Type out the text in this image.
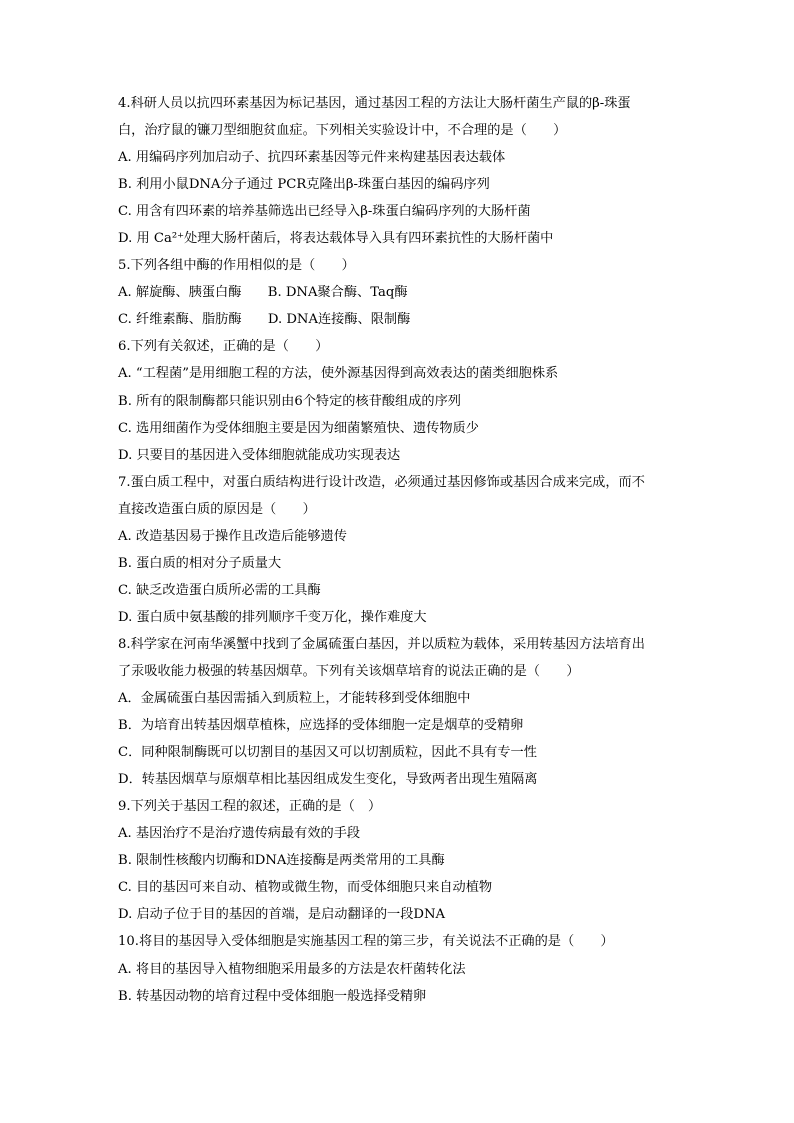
4.科研人员以抗四环素基因为标记基因，通过基因工程的方法让大肠杆菌生产鼠的β-珠蛋
白，治疗鼠的镰刀型细胞贫血症。下列相关实验设计中，不合理的是（　　）
A. 用编码序列加启动子、抗四环素基因等元件来构建基因表达载体
B. 利用小鼠DNA分子通过 PCR克隆出β-珠蛋白基因的编码序列
C. 用含有四环素的培养基筛选出已经导入β-珠蛋白编码序列的大肠杆菌
D. 用 Ca²⁺处理大肠杆菌后，将表达载体导入具有四环素抗性的大肠杆菌中
5.下列各组中酶的作用相似的是（　　）
A. 解旋酶、胰蛋白酶　　B. DNA聚合酶、Taq酶
C. 纤维素酶、脂肪酶　　D. DNA连接酶、限制酶
6.下列有关叙述，正确的是（　　）
A. “工程菌”是用细胞工程的方法，使外源基因得到高效表达的菌类细胞株系
B. 所有的限制酶都只能识别由6个特定的核苷酸组成的序列
C. 选用细菌作为受体细胞主要是因为细菌繁殖快、遗传物质少
D. 只要目的基因进入受体细胞就能成功实现表达
7.蛋白质工程中，对蛋白质结构进行设计改造，必须通过基因修饰或基因合成来完成，而不
直接改造蛋白质的原因是（　　）
A. 改造基因易于操作且改造后能够遗传
B. 蛋白质的相对分子质量大
C. 缺乏改造蛋白质所必需的工具酶
D. 蛋白质中氨基酸的排列顺序千变万化，操作难度大
8.科学家在河南华溪蟹中找到了金属硫蛋白基因，并以质粒为载体，采用转基因方法培育出
了汞吸收能力极强的转基因烟草。下列有关该烟草培育的说法正确的是（　　）
A．金属硫蛋白基因需插入到质粒上，才能转移到受体细胞中
B．为培育出转基因烟草植株，应选择的受体细胞一定是烟草的受精卵
C．同种限制酶既可以切割目的基因又可以切割质粒，因此不具有专一性
D．转基因烟草与原烟草相比基因组成发生变化，导致两者出现生殖隔离
9.下列关于基因工程的叙述，正确的是（　）
A. 基因治疗不是治疗遗传病最有效的手段
B. 限制性核酸内切酶和DNA连接酶是两类常用的工具酶
C. 目的基因可来自动、植物或微生物，而受体细胞只来自动植物
D. 启动子位于目的基因的首端，是启动翻译的一段DNA
10.将目的基因导入受体细胞是实施基因工程的第三步，有关说法不正确的是（　　）
A. 将目的基因导入植物细胞采用最多的方法是农杆菌转化法
B. 转基因动物的培育过程中受体细胞一般选择受精卵
